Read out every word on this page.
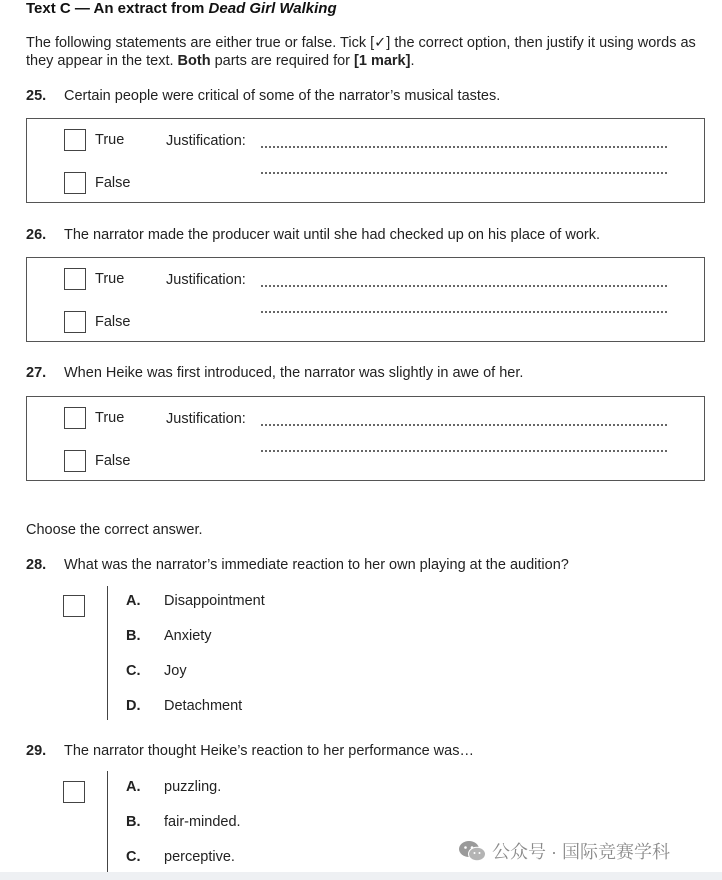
Text C — An extract from Dead Girl Walking
The following statements are either true or false. Tick [✓] the correct option, then justify it using words as they appear in the text. Both parts are required for [1 mark].
25. Certain people were critical of some of the narrator’s musical tastes.
True
False
Justification:
26. The narrator made the producer wait until she had checked up on his place of work.
True
False
Justification:
27. When Heike was first introduced, the narrator was slightly in awe of her.
True
False
Justification:
Choose the correct answer.
28. What was the narrator’s immediate reaction to her own playing at the audition?
A. Disappointment
B. Anxiety
C. Joy
D. Detachment
29. The narrator thought Heike’s reaction to her performance was…
A. puzzling.
B. fair-minded.
C. perceptive.	公众号 · 国际竞赛学科
